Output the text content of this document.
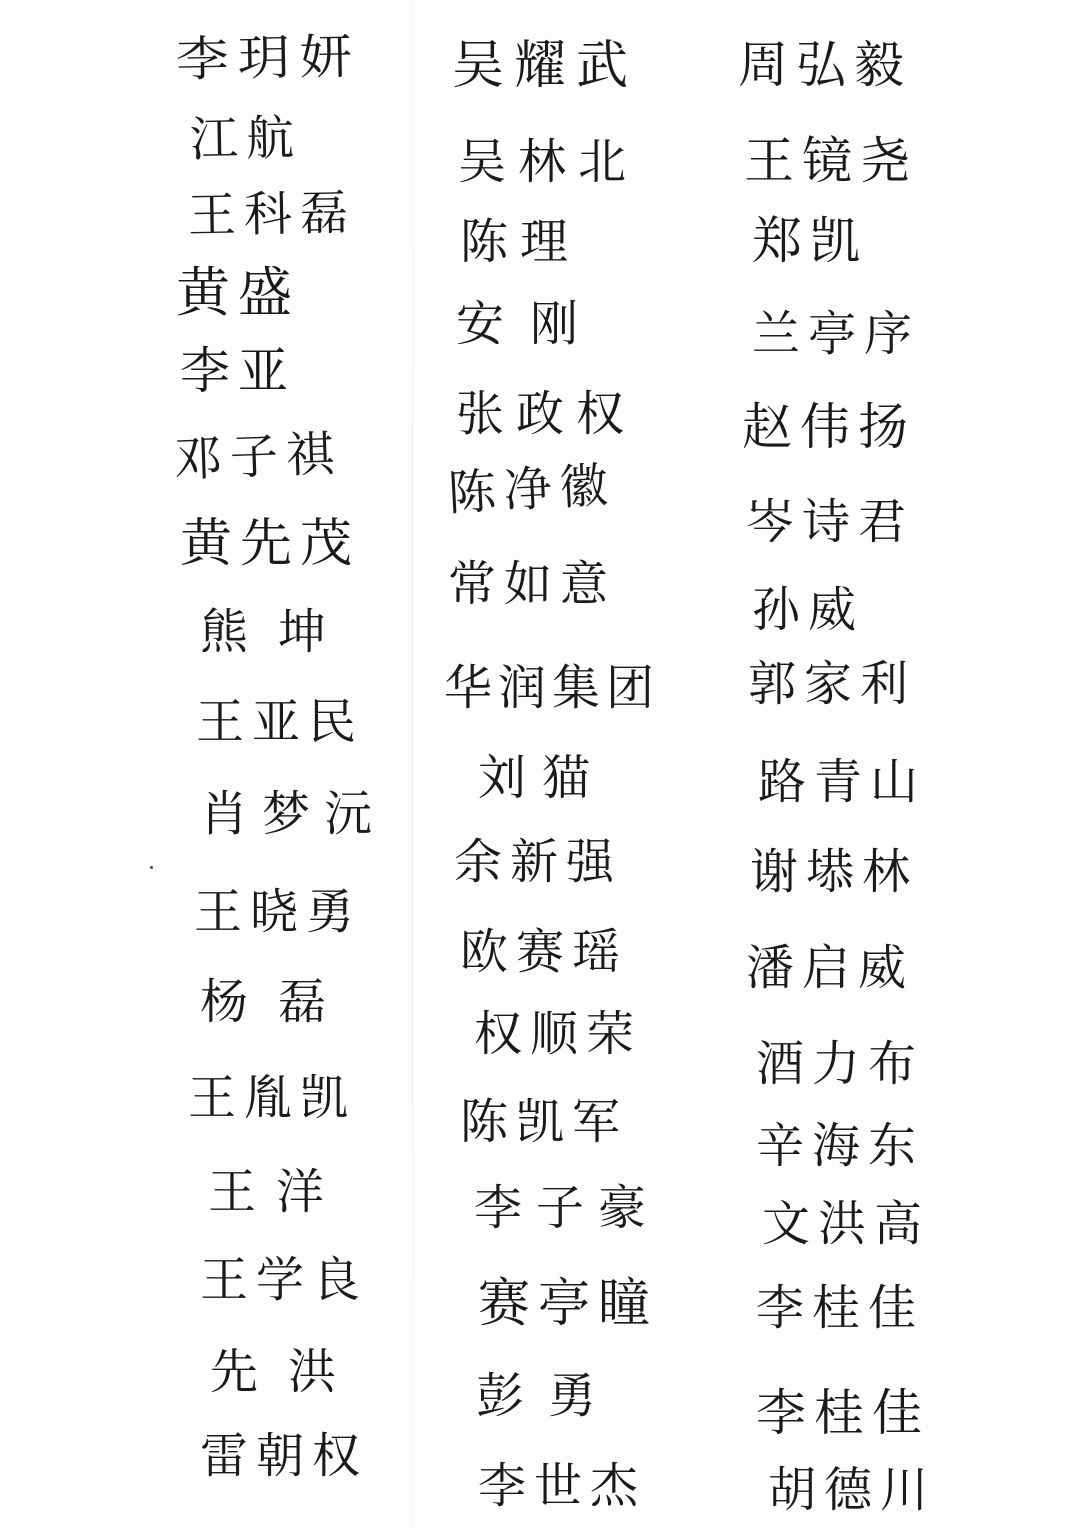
李玥妍
江航
王科磊
黄盛
李亚
邓子祺
黄先茂
熊坤
王亚民
肖梦沅
王晓勇
杨磊
王胤凯
王洋
王学良
先洪
雷朝权
吴耀武
吴林北
陈理
安刚
张政权
陈净徽
常如意
华润集团
刘猫
余新强
欧赛瑶
权顺荣
陈凯军
李子豪
赛亭瞳
彭勇
李世杰
周弘毅
王镜尧
郑凯
兰亭序
赵伟扬
岑诗君
孙威
郭家利
路青山
谢塨林
潘启威
酒力布
辛海东
文洪高
李桂佳
李桂佳
胡德川
